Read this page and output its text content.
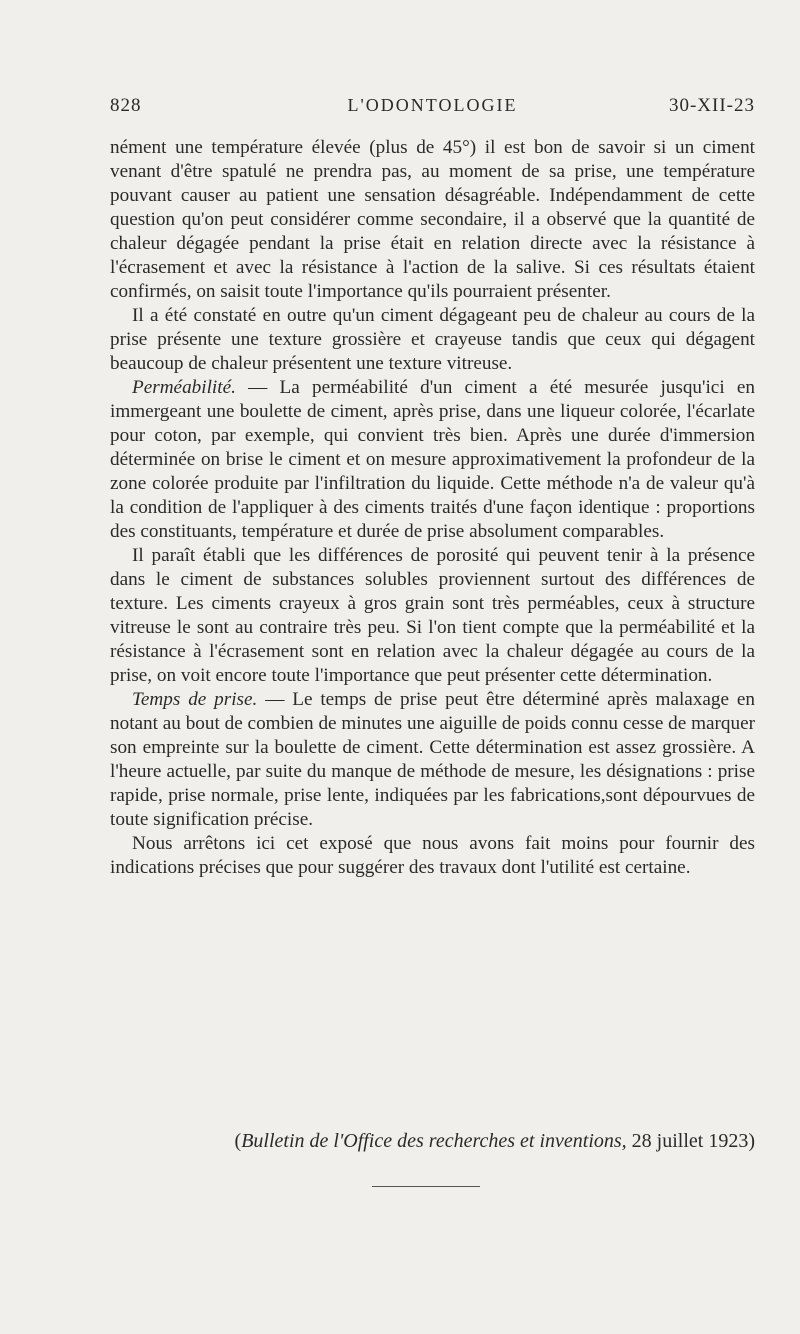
828	L'ODONTOLOGIE	30-XII-23

nément une température élevée (plus de 45°) il est bon de savoir si un ciment venant d'être spatulé ne prendra pas, au moment de sa prise, une température pouvant causer au patient une sensation désagréable. Indépendamment de cette question qu'on peut considérer comme secondaire, il a observé que la quantité de chaleur dégagée pendant la prise était en relation directe avec la résistance à l'écrasement et avec la résistance à l'action de la salive. Si ces résultats étaient confirmés, on saisit toute l'importance qu'ils pourraient présenter.

Il a été constaté en outre qu'un ciment dégageant peu de chaleur au cours de la prise présente une texture grossière et crayeuse tandis que ceux qui dégagent beaucoup de chaleur présentent une texture vitreuse.

Perméabilité. — La perméabilité d'un ciment a été mesurée jusqu'ici en immergeant une boulette de ciment, après prise, dans une liqueur colorée, l'écarlate pour coton, par exemple, qui convient très bien. Après une durée d'immersion déterminée on brise le ciment et on mesure approximativement la profondeur de la zone colorée produite par l'infiltration du liquide. Cette méthode n'a de valeur qu'à la condition de l'appliquer à des ciments traités d'une façon identique : proportions des constituants, température et durée de prise absolument comparables.

Il paraît établi que les différences de porosité qui peuvent tenir à la présence dans le ciment de substances solubles proviennent surtout des différences de texture. Les ciments crayeux à gros grain sont très perméables, ceux à structure vitreuse le sont au contraire très peu. Si l'on tient compte que la perméabilité et la résistance à l'écrasement sont en relation avec la chaleur dégagée au cours de la prise, on voit encore toute l'importance que peut présenter cette détermination.

Temps de prise. — Le temps de prise peut être déterminé après malaxage en notant au bout de combien de minutes une aiguille de poids connu cesse de marquer son empreinte sur la boulette de ciment. Cette détermination est assez grossière. A l'heure actuelle, par suite du manque de méthode de mesure, les désignations : prise rapide, prise normale, prise lente, indiquées par les fabrications,sont dépourvues de toute signification précise.

Nous arrêtons ici cet exposé que nous avons fait moins pour fournir des indications précises que pour suggérer des travaux dont l'utilité est certaine.

(Bulletin de l'Office des recherches et inventions, 28 juillet 1923)
